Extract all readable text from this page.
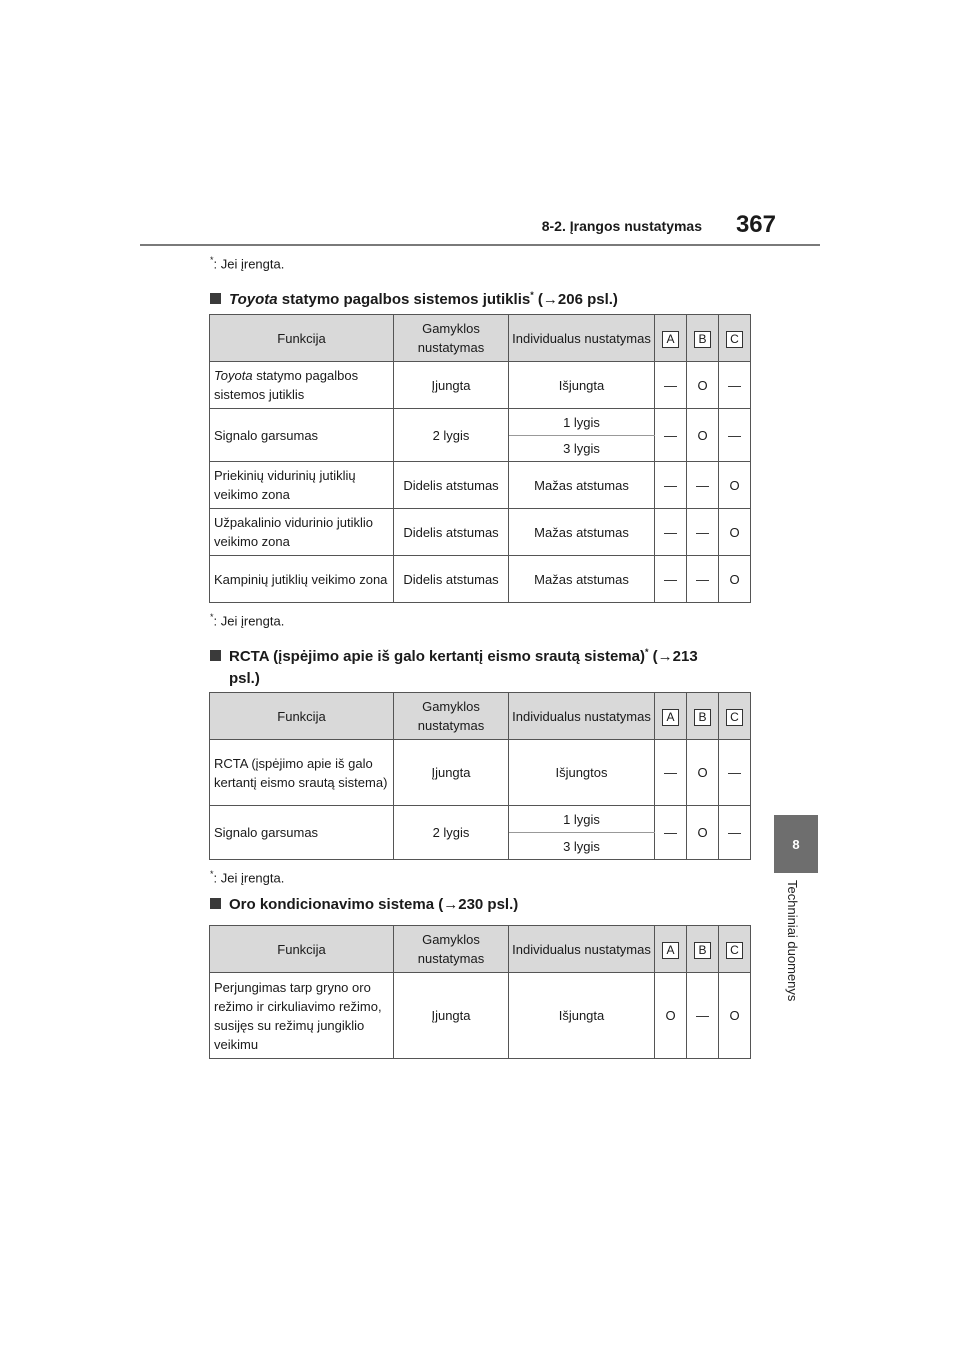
8-2. Įrangos nustatymas 367
8
Techniniai duomenys
*: Jei įrengta.
Toyota statymo pagalbos sistemos jutiklis* (→206 psl.)
Funkcija	Gamyklos nustatymas	Individualus nustatymas	A	B	C
Toyota statymo pagalbos sistemos jutiklis	Įjungta	Išjungta	—	O	—
Signalo garsumas	2 lygis	1 lygis	—	O	—
		3 lygis			
Priekinių vidurinių jutiklių veikimo zona	Didelis atstumas	Mažas atstumas	—	—	O
Užpakalinio vidurinio jutiklio veikimo zona	Didelis atstumas	Mažas atstumas	—	—	O
Kampinių jutiklių veikimo zona	Didelis atstumas	Mažas atstumas	—	—	O
*: Jei įrengta.
RCTA (įspėjimo apie iš galo kertantį eismo srautą sistema)* (→213
psl.)
Funkcija	Gamyklos nustatymas	Individualus nustatymas	A	B	C
RCTA (įspėjimo apie iš galo kertantį eismo srautą sistema)	Įjungta	Išjungtos	—	O	—
Signalo garsumas	2 lygis	1 lygis	—	O	—
		3 lygis			
*: Jei įrengta.
Oro kondicionavimo sistema (→230 psl.)
Funkcija	Gamyklos nustatymas	Individualus nustatymas	A	B	C
Perjungimas tarp gryno oro režimo ir cirkuliavimo režimo, susijęs su režimų jungiklio veikimu	Įjungta	Išjungta	O	—	O
